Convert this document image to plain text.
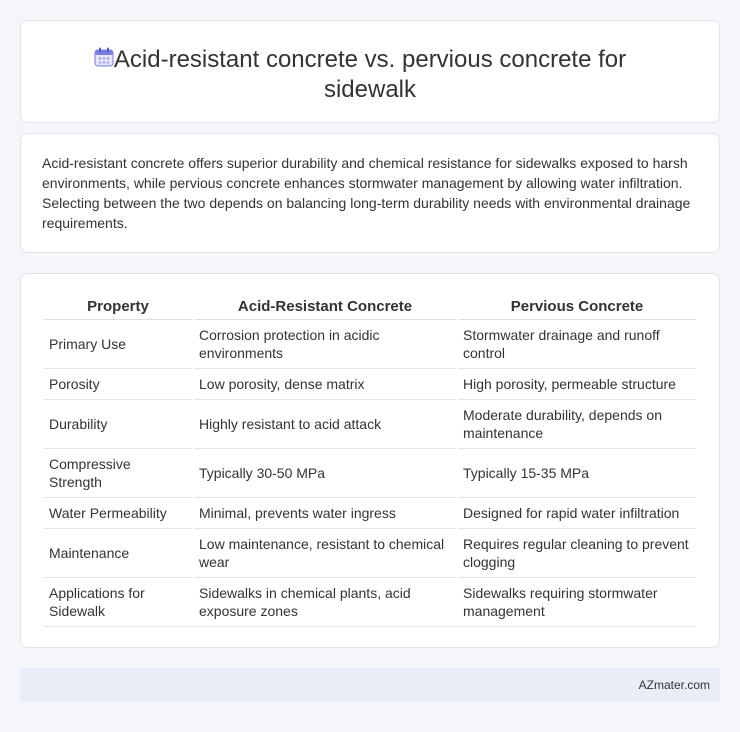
Acid-resistant concrete vs. pervious concrete for sidewalk

Acid-resistant concrete offers superior durability and chemical resistance for sidewalks exposed to harsh environments, while pervious concrete enhances stormwater management by allowing water infiltration. Selecting between the two depends on balancing long-term durability needs with environmental drainage requirements.

Property	Acid-Resistant Concrete	Pervious Concrete
Primary Use	Corrosion protection in acidic environments	Stormwater drainage and runoff control
Porosity	Low porosity, dense matrix	High porosity, permeable structure
Durability	Highly resistant to acid attack	Moderate durability, depends on maintenance
Compressive Strength	Typically 30-50 MPa	Typically 15-35 MPa
Water Permeability	Minimal, prevents water ingress	Designed for rapid water infiltration
Maintenance	Low maintenance, resistant to chemical wear	Requires regular cleaning to prevent clogging
Applications for Sidewalk	Sidewalks in chemical plants, acid exposure zones	Sidewalks requiring stormwater management
AZmater.com
